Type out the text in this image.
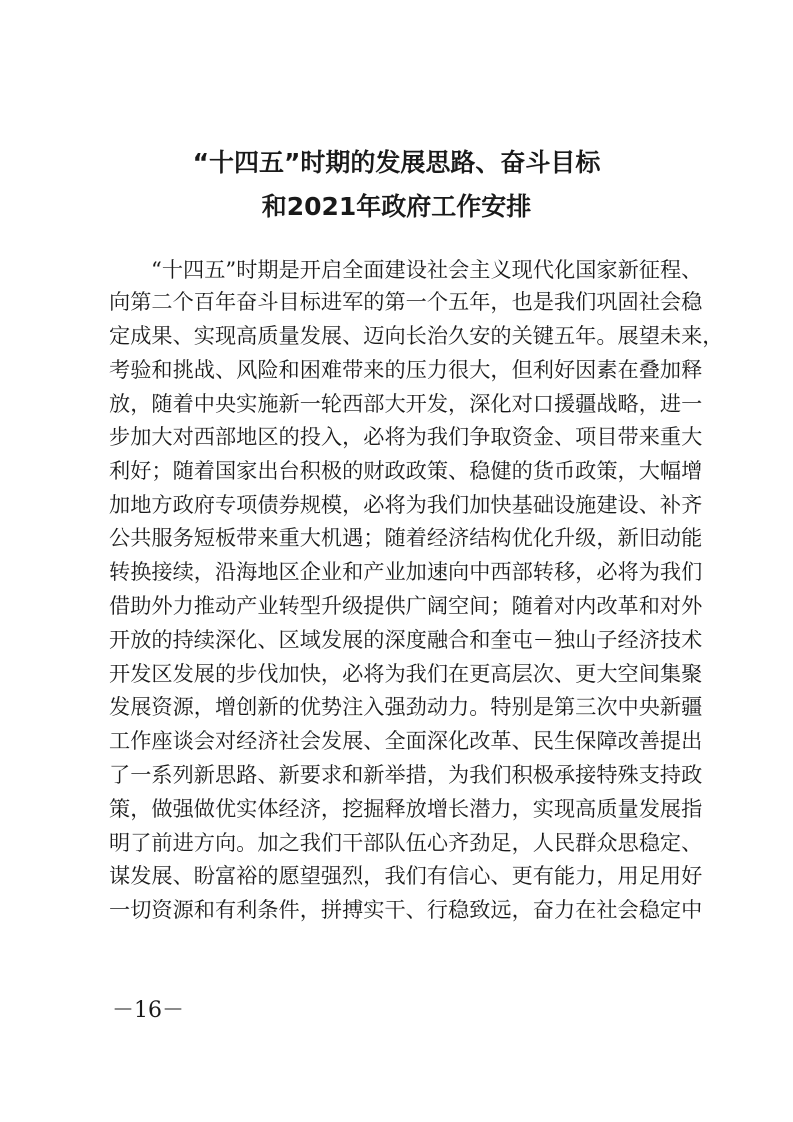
“十四五”时期的发展思路、奋斗目标
和2021年政府工作安排
“十四五”时期是开启全面建设社会主义现代化国家新征程、
向第二个百年奋斗目标进军的第一个五年，也是我们巩固社会稳
定成果、实现高质量发展、迈向长治久安的关键五年。展望未来，
考验和挑战、风险和困难带来的压力很大，但利好因素在叠加释
放，随着中央实施新一轮西部大开发，深化对口援疆战略，进一
步加大对西部地区的投入，必将为我们争取资金、项目带来重大
利好；随着国家出台积极的财政政策、稳健的货币政策，大幅增
加地方政府专项债券规模，必将为我们加快基础设施建设、补齐
公共服务短板带来重大机遇；随着经济结构优化升级，新旧动能
转换接续，沿海地区企业和产业加速向中西部转移，必将为我们
借助外力推动产业转型升级提供广阔空间；随着对内改革和对外
开放的持续深化、区域发展的深度融合和奎屯－独山子经济技术
开发区发展的步伐加快，必将为我们在更高层次、更大空间集聚
发展资源，增创新的优势注入强劲动力。特别是第三次中央新疆
工作座谈会对经济社会发展、全面深化改革、民生保障改善提出
了一系列新思路、新要求和新举措，为我们积极承接特殊支持政
策，做强做优实体经济，挖掘释放增长潜力，实现高质量发展指
明了前进方向。加之我们干部队伍心齐劲足，人民群众思稳定、
谋发展、盼富裕的愿望强烈，我们有信心、更有能力，用足用好
一切资源和有利条件，拼搏实干、行稳致远，奋力在社会稳定中
－16－
